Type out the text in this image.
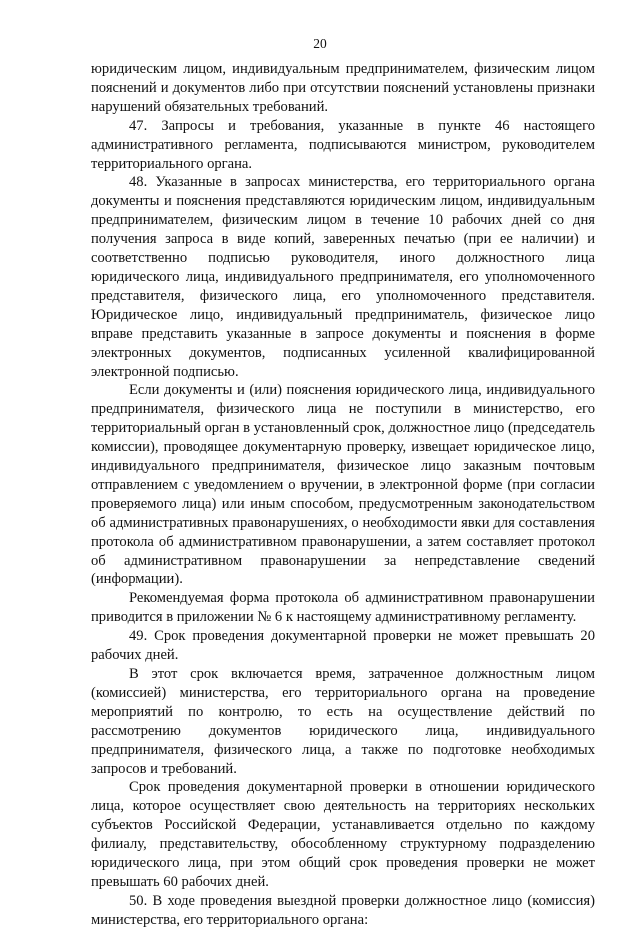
20

юридическим лицом, индивидуальным предпринимателем, физическим лицом пояснений и документов либо при отсутствии пояснений установлены признаки нарушений обязательных требований.

47. Запросы и требования, указанные в пункте 46 настоящего административного регламента, подписываются министром, руководителем территориального органа.

48. Указанные в запросах министерства, его территориального органа документы и пояснения представляются юридическим лицом, индивидуальным предпринимателем, физическим лицом в течение 10 рабочих дней со дня получения запроса в виде копий, заверенных печатью (при ее наличии) и соответственно подписью руководителя, иного должностного лица юридического лица, индивидуального предпринимателя, его уполномоченного представителя, физического лица, его уполномоченного представителя. Юридическое лицо, индивидуальный предприниматель, физическое лицо вправе представить указанные в запросе документы и пояснения в форме электронных документов, подписанных усиленной квалифицированной электронной подписью.

Если документы и (или) пояснения юридического лица, индивидуального предпринимателя, физического лица не поступили в министерство, его территориальный орган в установленный срок, должностное лицо (председатель комиссии), проводящее документарную проверку, извещает юридическое лицо, индивидуального предпринимателя, физическое лицо заказным почтовым отправлением с уведомлением о вручении, в электронной форме (при согласии проверяемого лица) или иным способом, предусмотренным законодательством об административных правонарушениях, о необходимости явки для составления протокола об административном правонарушении, а затем составляет протокол об административном правонарушении за непредставление сведений (информации).

Рекомендуемая форма протокола об административном правонарушении приводится в приложении № 6 к настоящему административному регламенту.

49. Срок проведения документарной проверки не может превышать 20 рабочих дней.

В этот срок включается время, затраченное должностным лицом (комиссией) министерства, его территориального органа на проведение мероприятий по контролю, то есть на осуществление действий по рассмотрению документов юридического лица, индивидуального предпринимателя, физического лица, а также по подготовке необходимых запросов и требований.

Срок проведения документарной проверки в отношении юридического лица, которое осуществляет свою деятельность на территориях нескольких субъектов Российской Федерации, устанавливается отдельно по каждому филиалу, представительству, обособленному структурному подразделению юридического лица, при этом общий срок проведения проверки не может превышать 60 рабочих дней.

50. В ходе проведения выездной проверки должностное лицо (комиссия) министерства, его территориального органа:
